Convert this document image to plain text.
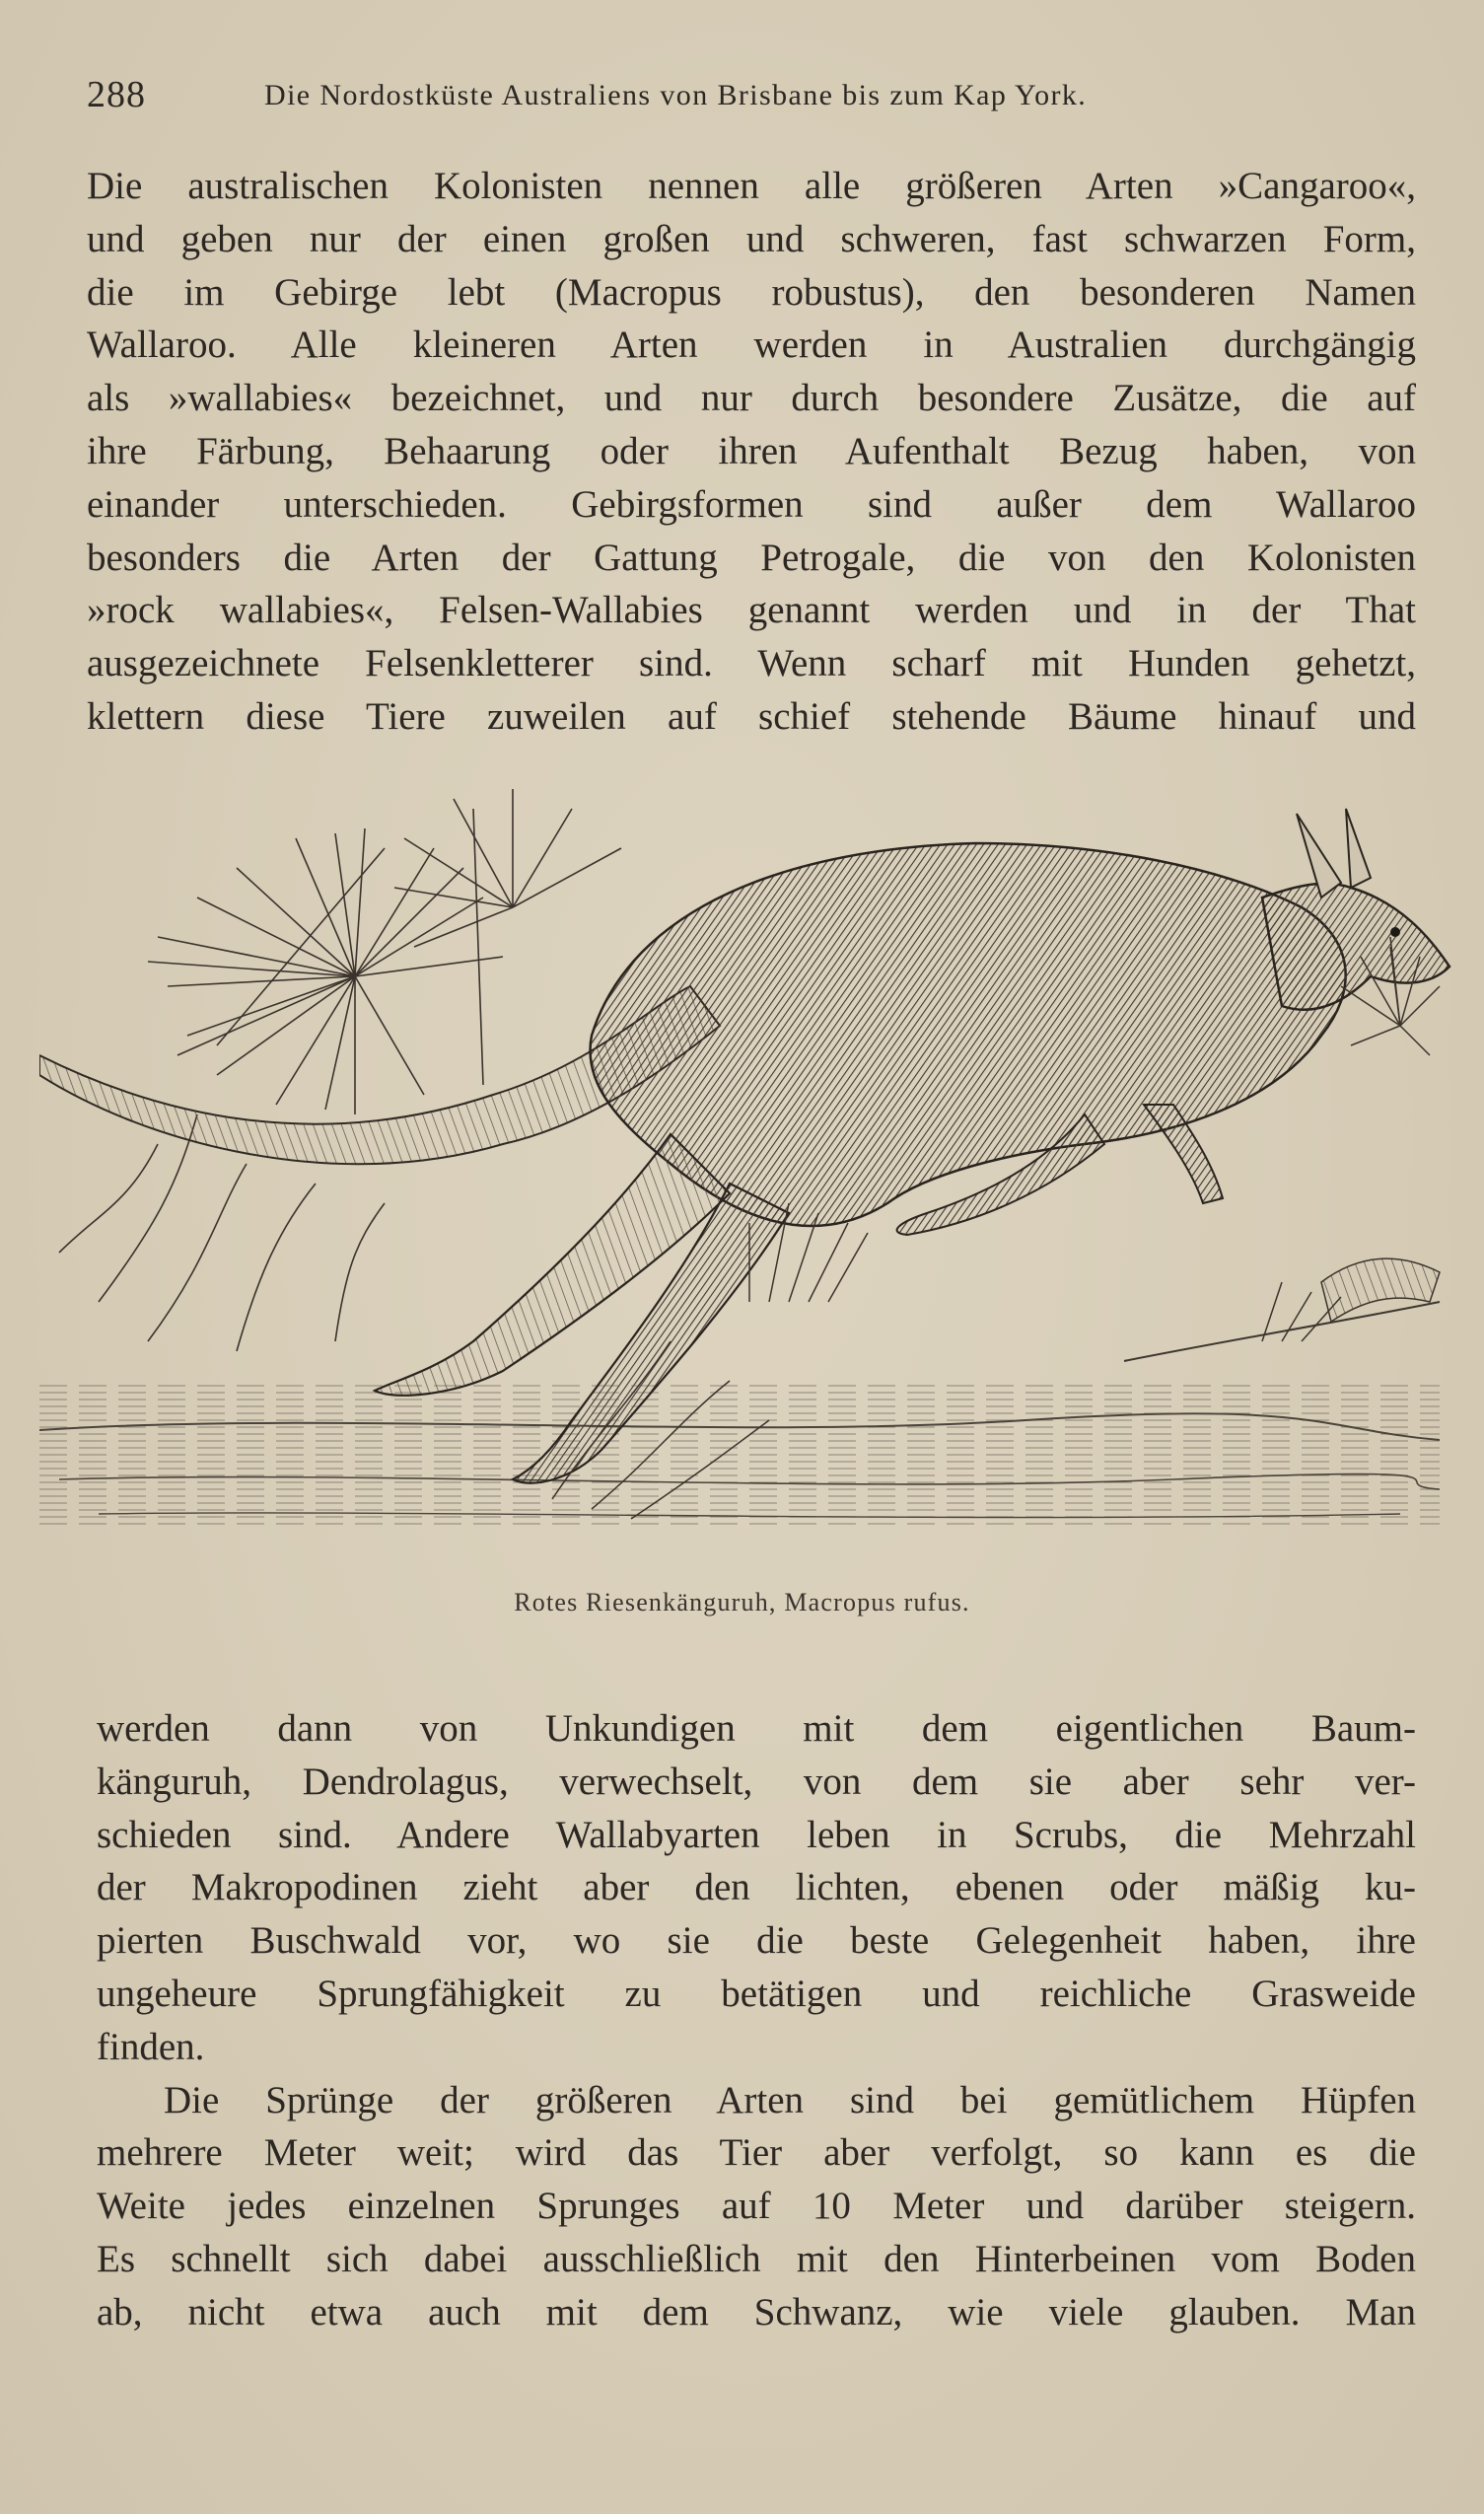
288	Die Nordostküste Australiens von Brisbane bis zum Kap York.
Die australischen Kolonisten nennen alle größeren Arten »Cangaroo«,
und geben nur der einen großen und schweren, fast schwarzen Form,
die im Gebirge lebt (Macropus robustus), den besonderen Namen
Wallaroo. Alle kleineren Arten werden in Australien durchgängig
als »wallabies« bezeichnet, und nur durch besondere Zusätze, die auf
ihre Färbung, Behaarung oder ihren Aufenthalt Bezug haben, von
einander unterschieden. Gebirgsformen sind außer dem Wallaroo
besonders die Arten der Gattung Petrogale, die von den Kolonisten
»rock wallabies«, Felsen-Wallabies genannt werden und in der That
ausgezeichnete Felsenkletterer sind. Wenn scharf mit Hunden gehetzt,
klettern diese Tiere zuweilen auf schief stehende Bäume hinauf und
Rotes Riesenkänguruh, Macropus rufus.
werden dann von Unkundigen mit dem eigentlichen Baum-
känguruh, Dendrolagus, verwechselt, von dem sie aber sehr ver-
schieden sind. Andere Wallabyarten leben in Scrubs, die Mehrzahl
der Makropodinen zieht aber den lichten, ebenen oder mäßig ku-
pierten Buschwald vor, wo sie die beste Gelegenheit haben, ihre
ungeheure Sprungfähigkeit zu betätigen und reichliche Grasweide
finden.
Die Sprünge der größeren Arten sind bei gemütlichem Hüpfen
mehrere Meter weit; wird das Tier aber verfolgt, so kann es die
Weite jedes einzelnen Sprunges auf 10 Meter und darüber steigern.
Es schnellt sich dabei ausschließlich mit den Hinterbeinen vom Boden
ab, nicht etwa auch mit dem Schwanz, wie viele glauben. Man
